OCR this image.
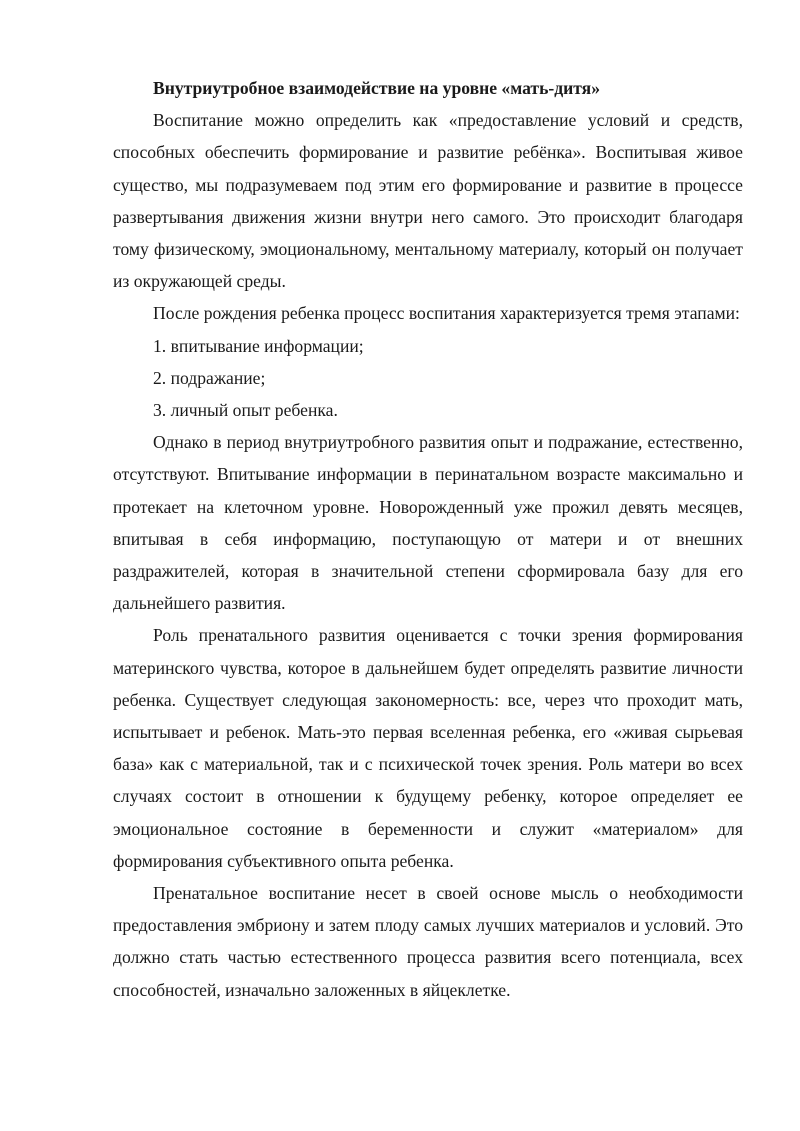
Внутриутробное взаимодействие на уровне «мать-дитя»

Воспитание можно определить как «предоставление условий и средств, способных обеспечить формирование и развитие ребёнка». Воспитывая живое существо, мы подразумеваем под этим его формирование и развитие в процессе развертывания движения жизни внутри него самого. Это происходит благодаря тому физическому, эмоциональному, ментальному материалу, который он получает из окружающей среды.

После рождения ребенка процесс воспитания характеризуется тремя этапами:

1. впитывание информации;

2. подражание;

3. личный опыт ребенка.

Однако в период внутриутробного развития опыт и подражание, естественно, отсутствуют. Впитывание информации в перинатальном возрасте максимально и протекает на клеточном уровне. Новорожденный уже прожил девять месяцев, впитывая в себя информацию, поступающую от матери и от внешних раздражителей, которая в значительной степени сформировала базу для его дальнейшего развития.

Роль пренатального развития оценивается с точки зрения формирования материнского чувства, которое в дальнейшем будет определять развитие личности ребенка. Существует следующая закономерность: все, через что проходит мать, испытывает и ребенок. Мать-это первая вселенная ребенка, его «живая сырьевая база» как с материальной, так и с психической точек зрения. Роль матери во всех случаях состоит в отношении к будущему ребенку, которое определяет ее эмоциональное состояние в беременности и служит «материалом» для формирования субъективного опыта ребенка.

Пренатальное воспитание несет в своей основе мысль о необходимости предоставления эмбриону и затем плоду самых лучших материалов и условий. Это должно стать частью естественного процесса развития всего потенциала, всех способностей, изначально заложенных в яйцеклетке.
